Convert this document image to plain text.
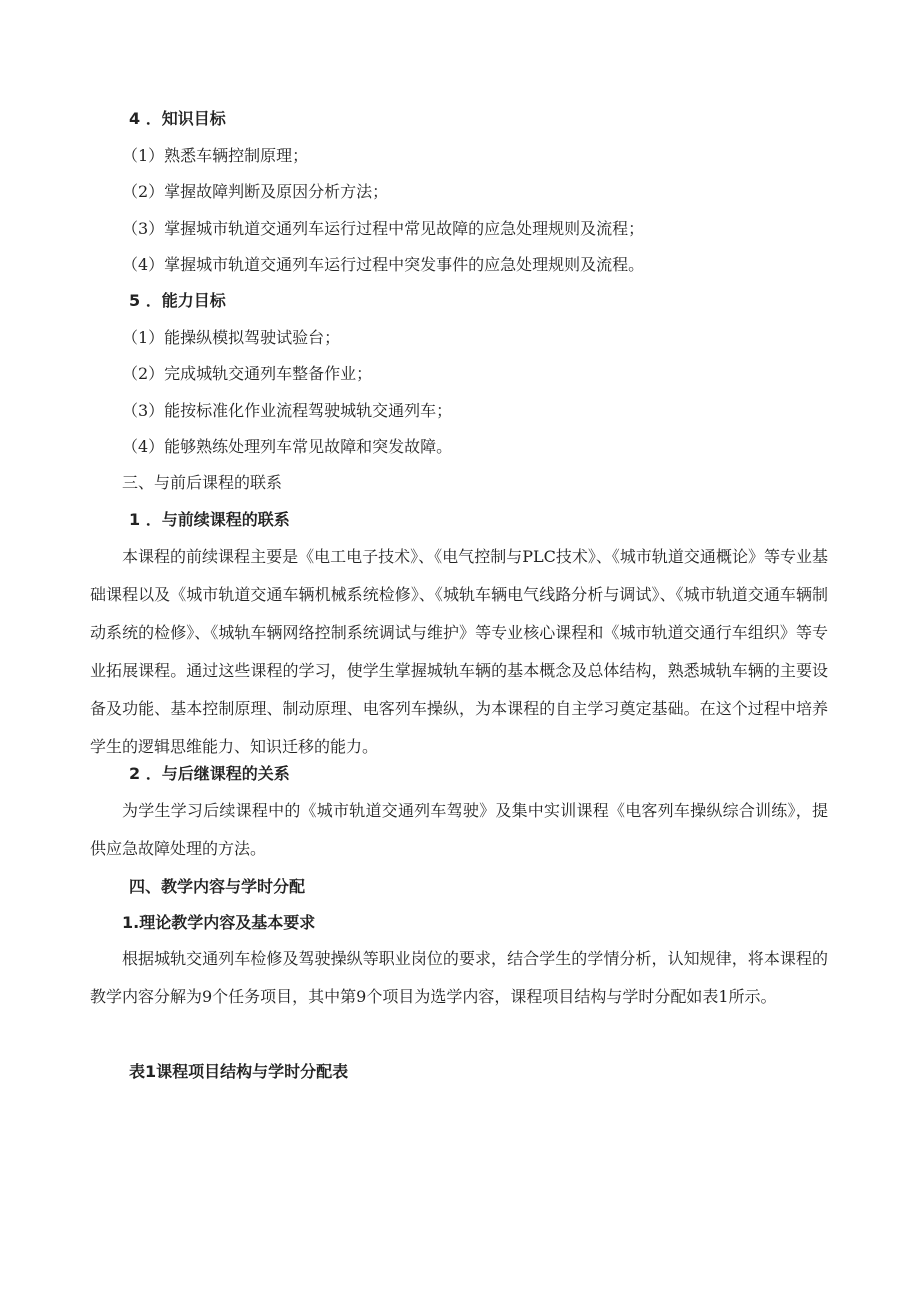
4 ．知识目标
（1）熟悉车辆控制原理；
（2）掌握故障判断及原因分析方法；
（3）掌握城市轨道交通列车运行过程中常见故障的应急处理规则及流程；
（4）掌握城市轨道交通列车运行过程中突发事件的应急处理规则及流程。
5 ．能力目标
（1）能操纵模拟驾驶试验台；
（2）完成城轨交通列车整备作业；
（3）能按标准化作业流程驾驶城轨交通列车；
（4）能够熟练处理列车常见故障和突发故障。
三、与前后课程的联系
1 ．与前续课程的联系
本课程的前续课程主要是《电工电子技术》、《电气控制与PLC技术》、《城市轨道交通概论》等专业基础课程以及《城市轨道交通车辆机械系统检修》、《城轨车辆电气线路分析与调试》、《城市轨道交通车辆制动系统的检修》、《城轨车辆网络控制系统调试与维护》等专业核心课程和《城市轨道交通行车组织》等专业拓展课程。通过这些课程的学习，使学生掌握城轨车辆的基本概念及总体结构，熟悉城轨车辆的主要设备及功能、基本控制原理、制动原理、电客列车操纵，为本课程的自主学习奠定基础。在这个过程中培养学生的逻辑思维能力、知识迁移的能力。
2 ．与后继课程的关系
为学生学习后续课程中的《城市轨道交通列车驾驶》及集中实训课程《电客列车操纵综合训练》，提供应急故障处理的方法。
四、教学内容与学时分配
1.理论教学内容及基本要求
根据城轨交通列车检修及驾驶操纵等职业岗位的要求，结合学生的学情分析，认知规律，将本课程的教学内容分解为9个任务项目，其中第9个项目为选学内容，课程项目结构与学时分配如表1所示。
表1课程项目结构与学时分配表
